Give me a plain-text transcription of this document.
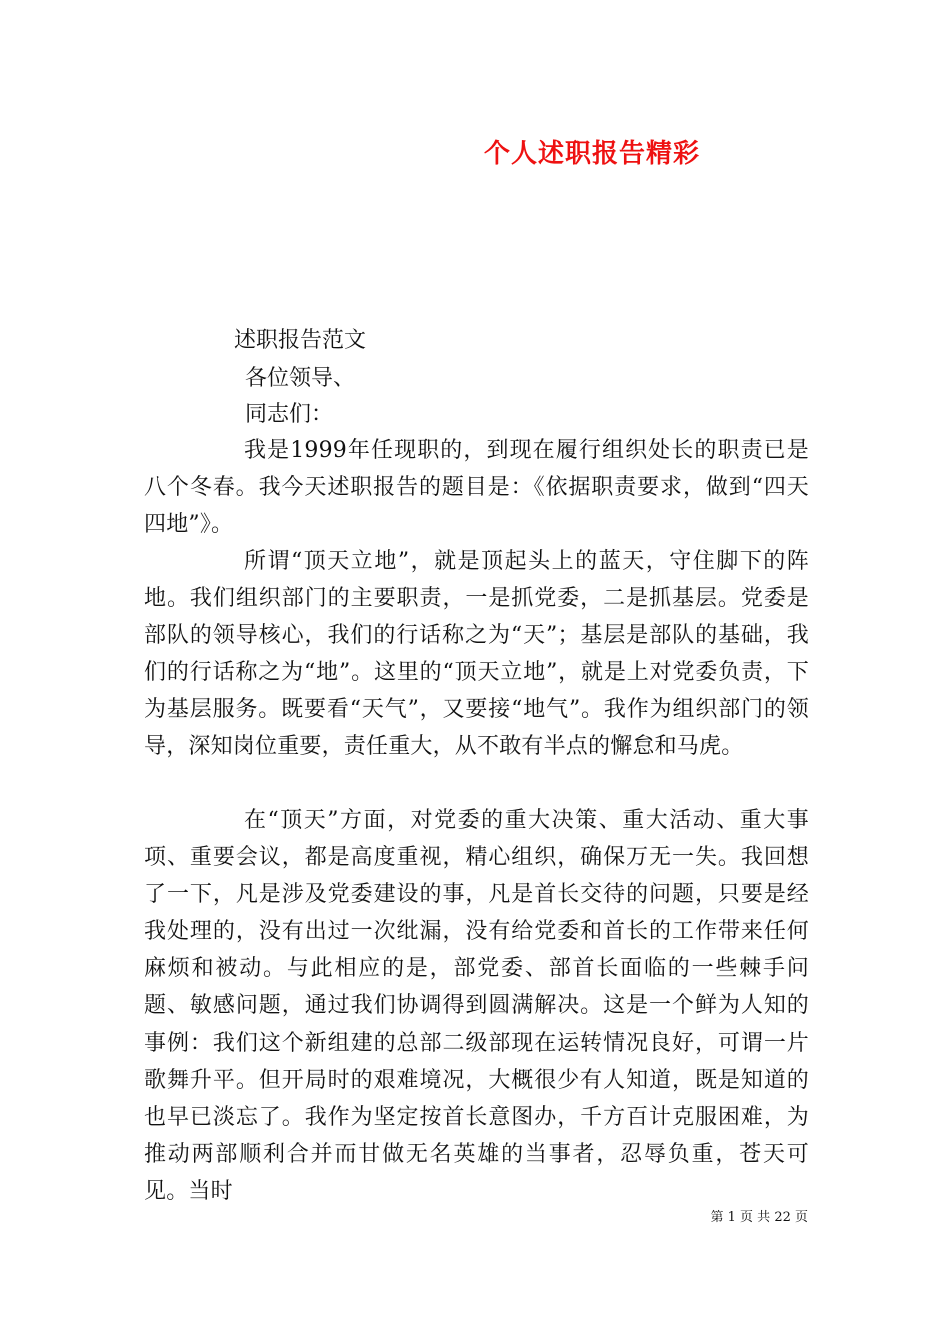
个人述职报告精彩
述职报告范文
各位领导、
同志们：
我是1999年任现职的，到现在履行组织处长的职责已是八个冬春。我今天述职报告的题目是：《依据职责要求，做到“四天四地”》。
所谓“顶天立地”，就是顶起头上的蓝天，守住脚下的阵地。我们组织部门的主要职责，一是抓党委，二是抓基层。党委是部队的领导核心，我们的行话称之为“天”；基层是部队的基础，我们的行话称之为“地”。这里的“顶天立地”，就是上对党委负责，下为基层服务。既要看“天气”，又要接“地气”。我作为组织部门的领导，深知岗位重要，责任重大，从不敢有半点的懈怠和马虎。
在“顶天”方面，对党委的重大决策、重大活动、重大事项、重要会议，都是高度重视，精心组织，确保万无一失。我回想了一下，凡是涉及党委建设的事，凡是首长交待的问题，只要是经我处理的，没有出过一次纰漏，没有给党委和首长的工作带来任何麻烦和被动。与此相应的是，部党委、部首长面临的一些棘手问题、敏感问题，通过我们协调得到圆满解决。这是一个鲜为人知的事例：我们这个新组建的总部二级部现在运转情况良好，可谓一片歌舞升平。但开局时的艰难境况，大概很少有人知道，既是知道的也早已淡忘了。我作为坚定按首长意图办，千方百计克服困难，为推动两部顺利合并而甘做无名英雄的当事者，忍辱负重，苍天可见。当时
第 1 页 共 22 页
